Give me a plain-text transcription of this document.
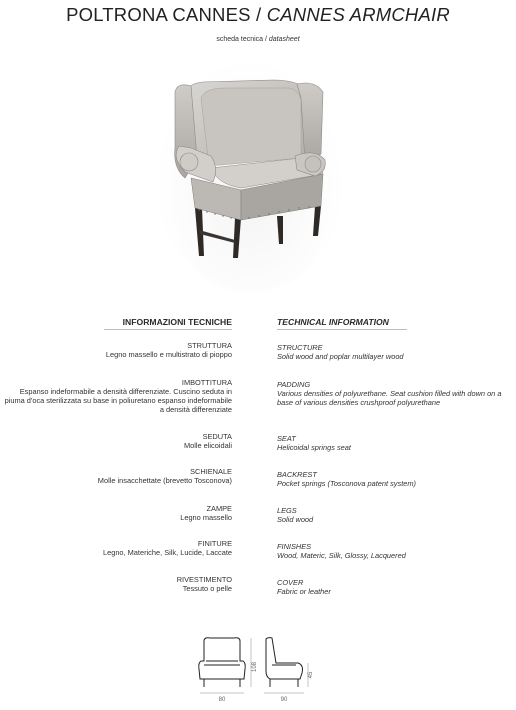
POLTRONA CANNES / CANNES ARMCHAIR
scheda tecnica / datasheet
INFORMAZIONI TECNICHE	TECHNICAL INFORMATION
STRUTTURA
Legno massello e multistrato di pioppo
IMBOTTITURA
Espanso indeformabile a densità differenziate. Cuscino seduta in piuma d'oca sterilizzata su base in poliuretano espanso indeformabile a densità differenziate
SEDUTA
Molle elicoidali
SCHIENALE
Molle insacchettate (brevetto Tosconova)
ZAMPE
Legno massello
FINITURE
Legno, Materiche, Silk, Lucide, Laccate
RIVESTIMENTO
Tessuto o pelle
STRUCTURE
Solid wood and poplar multilayer wood
PADDING
Various densities of polyurethane. Seat cushion filled with down on a base of various densities crushproof polyurethane
SEAT
Helicoidal springs seat
BACKREST
Pocket springs (Tosconova patent system)
LEGS
Solid wood
FINISHES
Wood, Materic, Silk, Glossy, Lacquered
COVER
Fabric or leather
80
108
90
45
